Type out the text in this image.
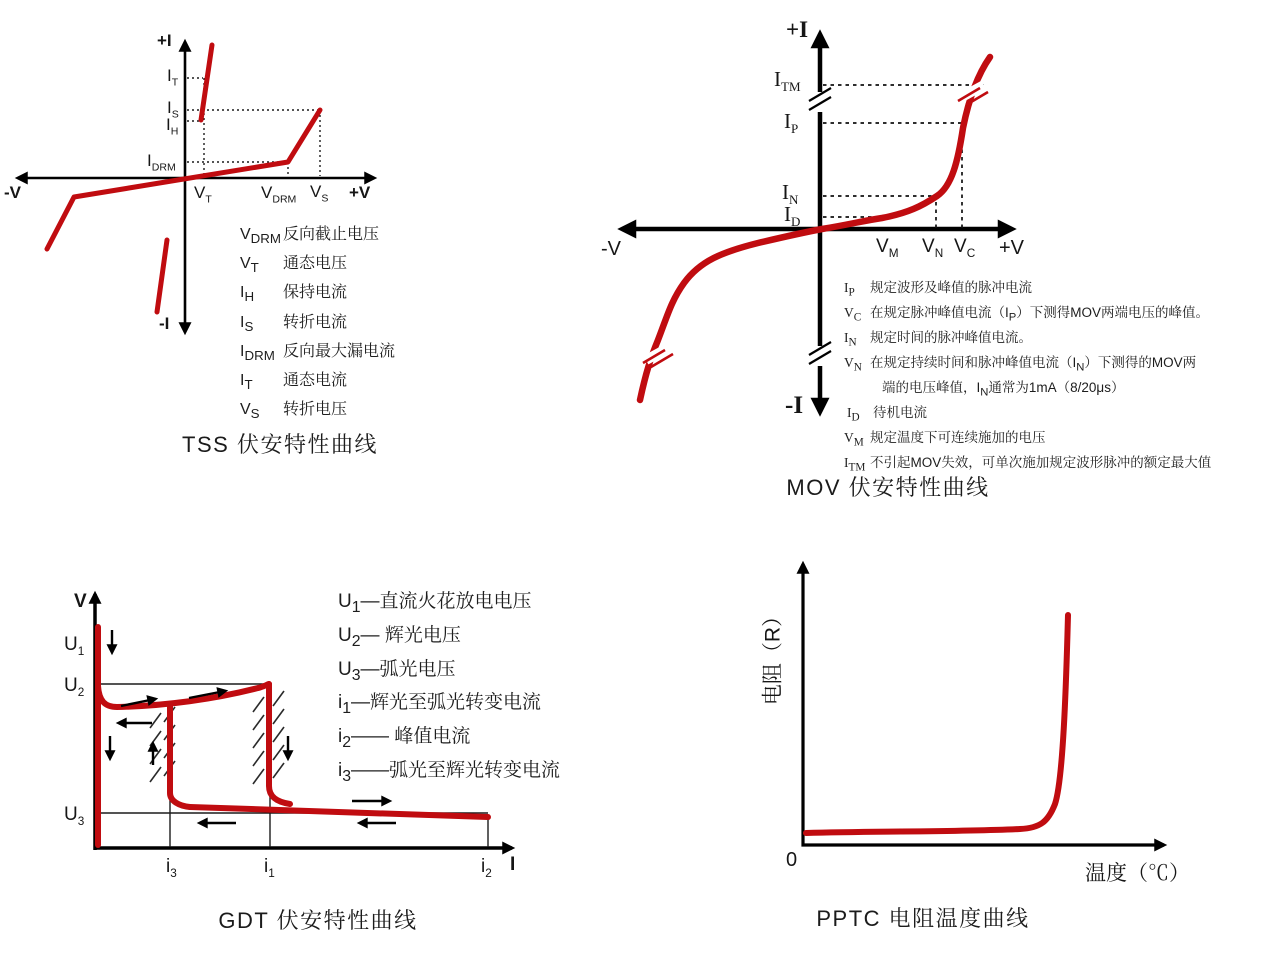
+I
$I_T$
$I_S$
$I_H$
$I_{DRM}$
-V	$V_T$	$V_{DRM}$ $V_S +V$
-I
$V_{DRM}$ 反向截止电压
$V_T$	通态电压
$I_H$	保持电流
$I_S$	转折电流
$I_{DRM}$ 反向最大漏电流
$I_T$	通态电流
$V_S$	转折电压
TSS 伏安特性曲线
+I
$I_{TM}$
$I_P$
$I_N$
$I_D$
-V	$V_M$ $V_N$ $V_C +V$
-I
$I_P$	规定波形及峰值的脉冲电流
$V_C$ 在规定脉冲峰值电流$(I_P)$下测得MOV两端电压的峰值。
$I_N$ 规定时间的脉冲峰值电流。
$V_N$ 在规定持续时间和脉冲峰值电流$(I_N)$下测得的MOV两
端的电压峰值，$I_N$通常为1mA（8/20μs）
$I_D$ 待机电流
$V_M$ 规定温度下可连续施加的电压
$I_{TM}$ 不引起MOV失效，可单次施加规定波形脉冲的额定最大值
MOV 伏安特性曲线
V
$U_1$
$U_2$
$U_3$
$i_3$	$i_1$	$i_2$ I
$U_1$ —直流火花放电电压
$U_2$ — 辉光电压
$U_3$ —弧光电压
$i_1$ —辉光至弧光转变电流
$i_2$ —— 峰值电流
$i_3$ ——弧光至辉光转变电流
GDT 伏安特性曲线
电阻（R）
0
温度（℃）
PPTC 电阻温度曲线
